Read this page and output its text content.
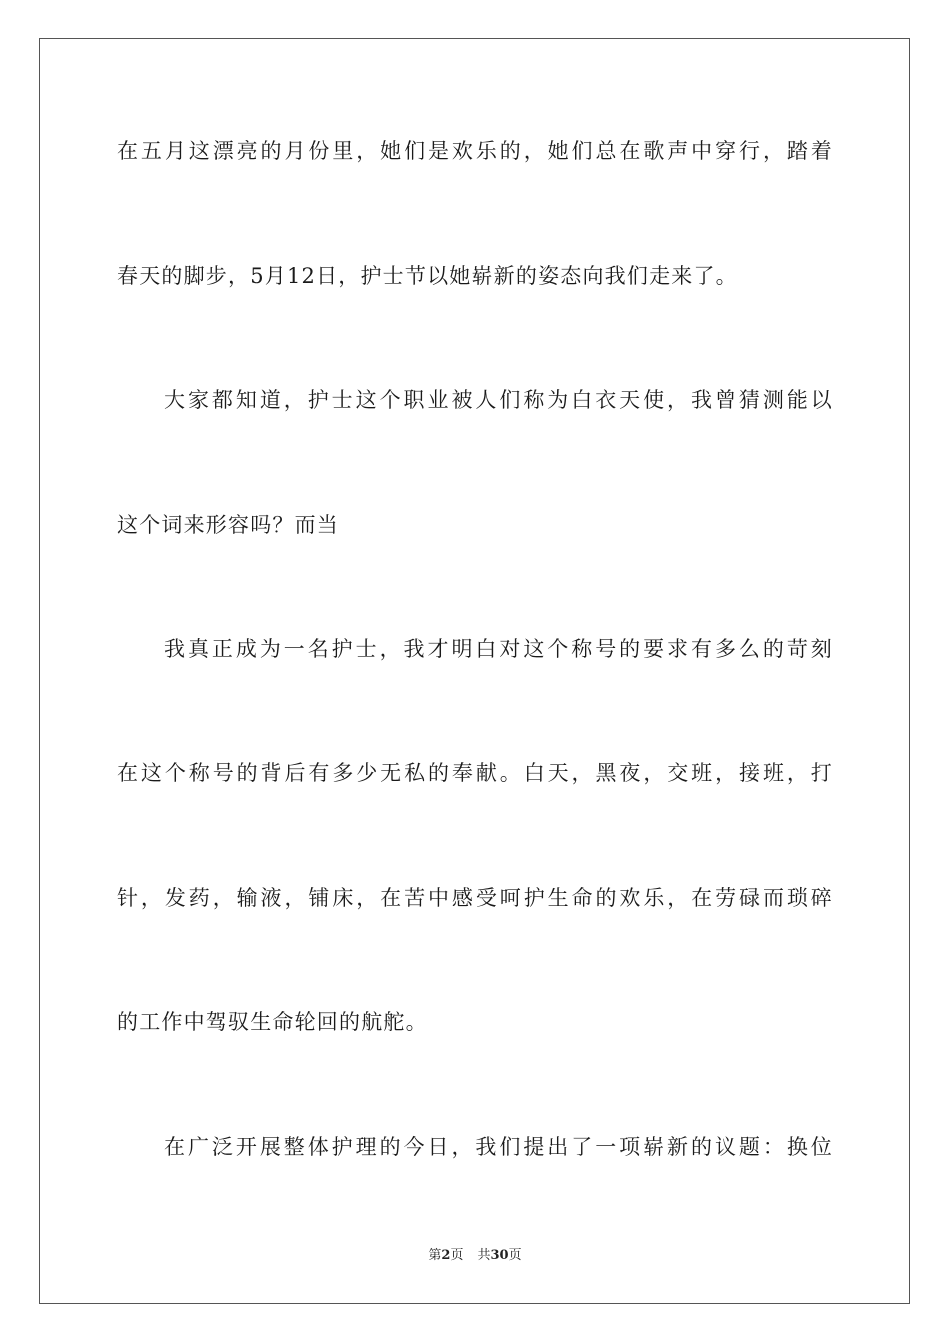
在五月这漂亮的月份里，她们是欢乐的，她们总在歌声中穿行，踏着
春天的脚步，5月12日，护士节以她崭新的姿态向我们走来了。
大家都知道，护士这个职业被人们称为白衣天使，我曾猜测能以
这个词来形容吗？而当
我真正成为一名护士，我才明白对这个称号的要求有多么的苛刻
在这个称号的背后有多少无私的奉献。白天，黑夜，交班，接班，打
针，发药，输液，铺床，在苦中感受呵护生命的欢乐，在劳碌而琐碎
的工作中驾驭生命轮回的航舵。
在广泛开展整体护理的今日，我们提出了一项崭新的议题：换位
第2页 共30页
